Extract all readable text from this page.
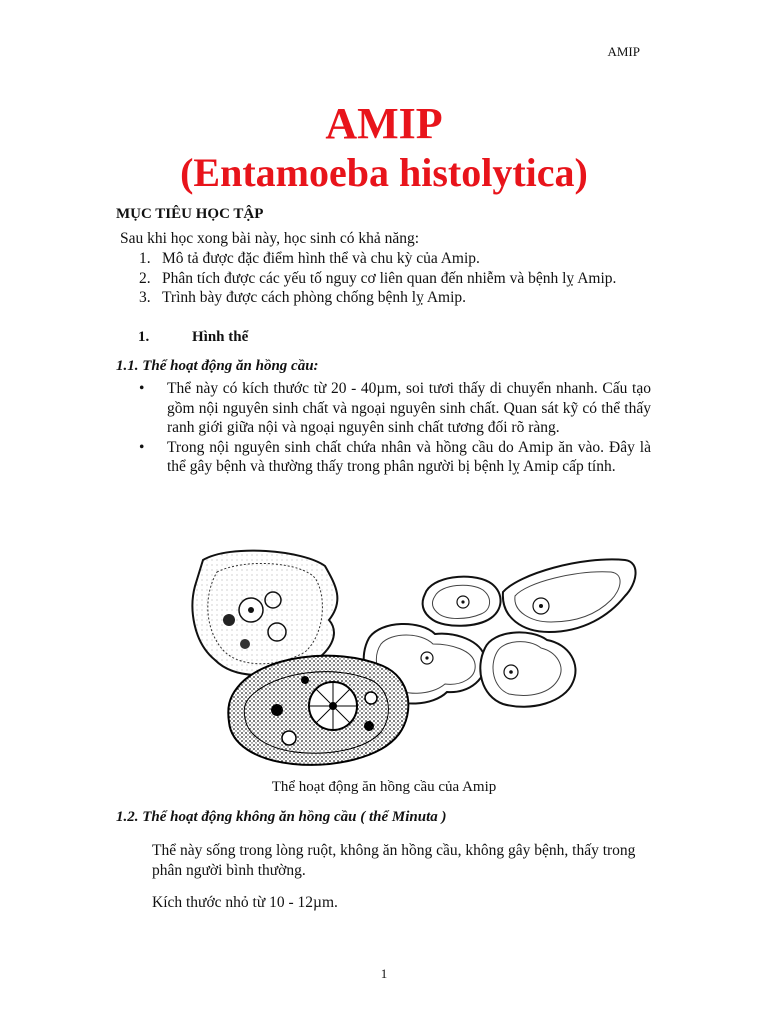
AMIP
AMIP
(Entamoeba histolytica)
MỤC TIÊU HỌC TẬP
Sau khi học xong bài này, học sinh có khả năng:
1. Mô tả được đặc điểm hình thể và chu kỳ của Amip.
2. Phân tích được các yếu tố nguy cơ liên quan đến nhiễm và bệnh lỵ Amip.
3. Trình bày được cách phòng chống bệnh lỵ Amip.
1.	Hình thể
1.1. Thể hoạt động ăn hồng cầu:
• Thể này có kích thước từ 20 - 40µm, soi tươi thấy di chuyển nhanh. Cấu tạo gồm nội nguyên sinh chất và ngoại nguyên sinh chất. Quan sát kỹ có thể thấy ranh giới giữa nội và ngoại nguyên sinh chất tương đối rõ ràng.
• Trong nội nguyên sinh chất chứa nhân và hồng cầu do Amip ăn vào. Đây là thể gây bệnh và thường thấy trong phân người bị bệnh lỵ Amip cấp tính.
Thể hoạt động ăn hồng cầu của Amip
1.2. Thể hoạt động không ăn hồng cầu ( thể Minuta )
Thể này sống trong lòng ruột, không ăn hồng cầu, không gây bệnh, thấy trong phân người bình thường.
Kích thước nhỏ từ 10 - 12µm.
1
